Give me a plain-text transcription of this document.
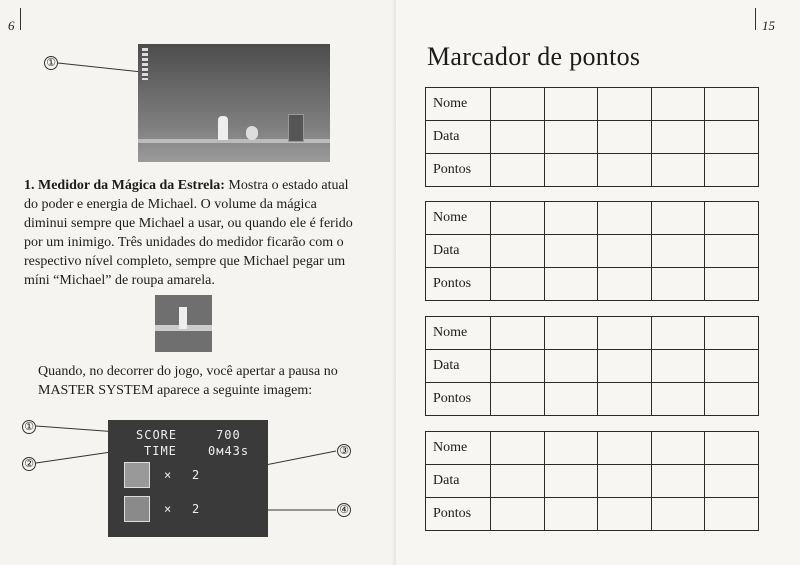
6
①
1. Medidor da Mágica da Estrela: Mostra o estado atual do poder e energia de Michael. O volume da mágica diminui sempre que Michael a usar, ou quando ele é ferido por um inimigo. Três unidades do medidor ficarão com o respectivo nível completo, sempre que Michael pegar um míni “Michael” de roupa amarela.
Quando, no decorrer do jogo, você apertar a pausa no MASTER SYSTEM aparece a seguinte imagem:
①
②
③
④
SCORE	700
TIME	0м43s
× 2
× 2
15
Marcador de pontos
Nome					
Data					
Pontos					
Nome					
Data					
Pontos					
Nome					
Data					
Pontos					
Nome					
Data					
Pontos					
